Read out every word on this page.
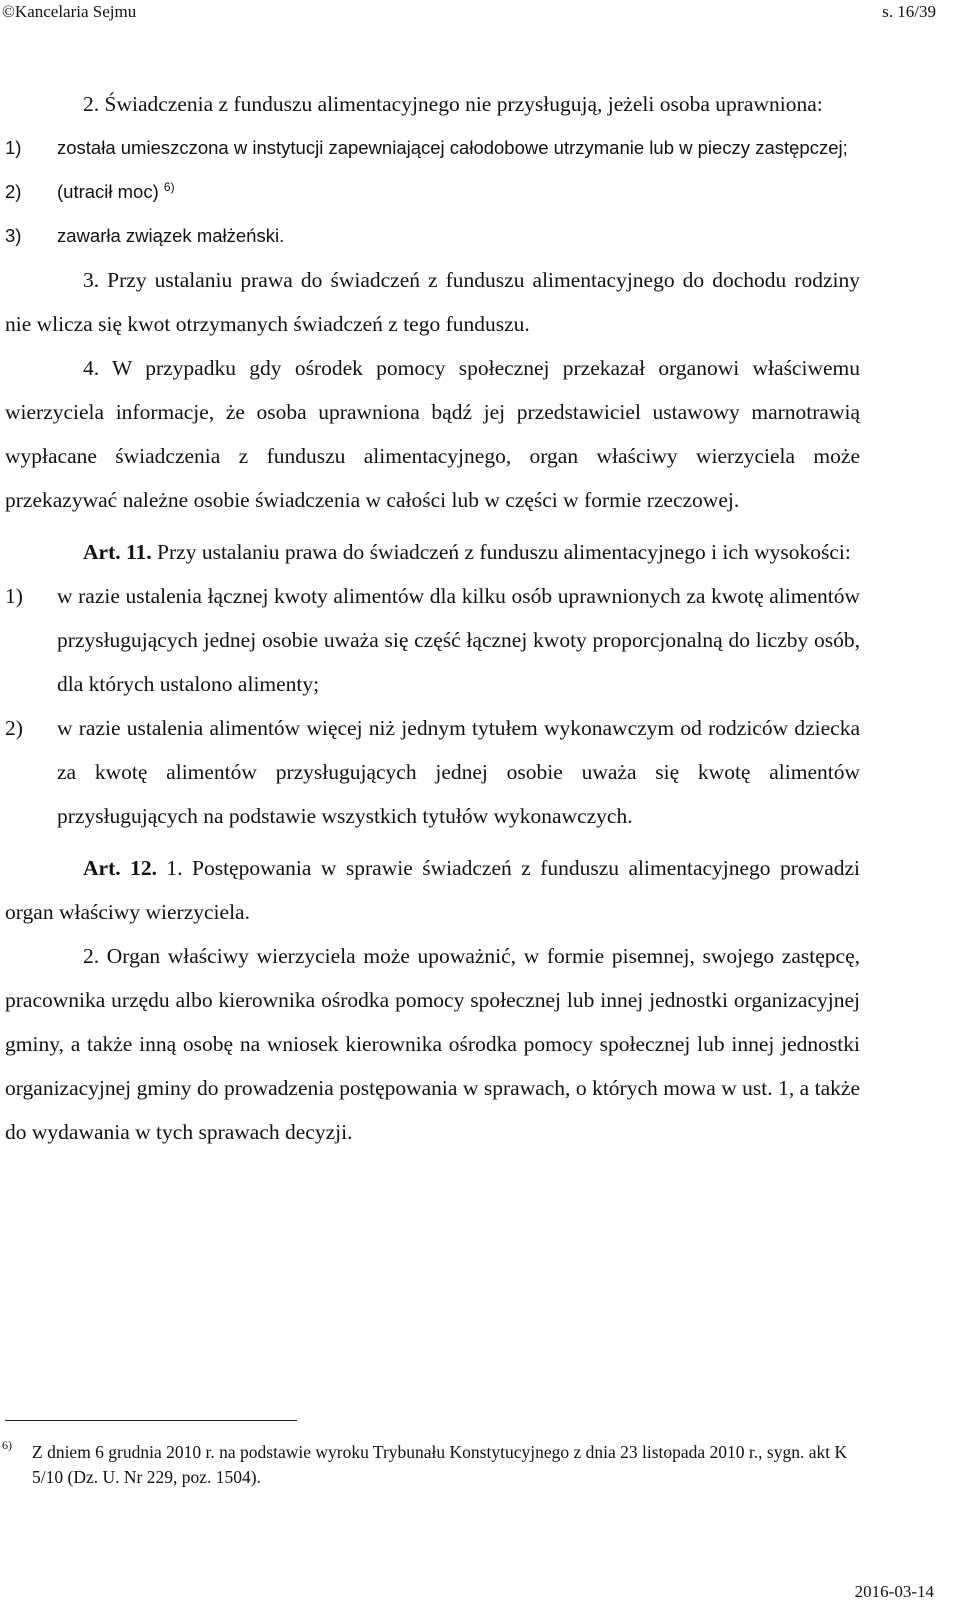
©Kancelaria Sejmu	s. 16/39

2. Świadczenia z funduszu alimentacyjnego nie przysługują, jeżeli osoba uprawniona:

1)	została umieszczona w instytucji zapewniającej całodobowe utrzymanie lub w pieczy zastępczej;
2)	(utracił moc) $^{6)}$
3)	zawarła związek małżeński.

3. Przy ustalaniu prawa do świadczeń z funduszu alimentacyjnego do dochodu rodziny nie wlicza się kwot otrzymanych świadczeń z tego funduszu.

4. W przypadku gdy ośrodek pomocy społecznej przekazał organowi właściwemu wierzyciela informacje, że osoba uprawniona bądź jej przedstawiciel ustawowy marnotrawią wypłacane świadczenia z funduszu alimentacyjnego, organ właściwy wierzyciela może przekazywać należne osobie świadczenia w całości lub w części w formie rzeczowej.

Art. 11. Przy ustalaniu prawa do świadczeń z funduszu alimentacyjnego i ich wysokości:

1)	w razie ustalenia łącznej kwoty alimentów dla kilku osób uprawnionych za kwotę alimentów przysługujących jednej osobie uważa się część łącznej kwoty proporcjonalną do liczby osób, dla których ustalono alimenty;
2)	w razie ustalenia alimentów więcej niż jednym tytułem wykonawczym od rodziców dziecka za kwotę alimentów przysługujących jednej osobie uważa się kwotę alimentów przysługujących na podstawie wszystkich tytułów wykonawczych.

Art. 12. 1. Postępowania w sprawie świadczeń z funduszu alimentacyjnego prowadzi organ właściwy wierzyciela.

2. Organ właściwy wierzyciela może upoważnić, w formie pisemnej, swojego zastępcę, pracownika urzędu albo kierownika ośrodka pomocy społecznej lub innej jednostki organizacyjnej gminy, a także inną osobę na wniosek kierownika ośrodka pomocy społecznej lub innej jednostki organizacyjnej gminy do prowadzenia postępowania w sprawach, o których mowa w ust. 1, a także do wydawania w tych sprawach decyzji.

6) Z dniem 6 grudnia 2010 r. na podstawie wyroku Trybunału Konstytucyjnego z dnia 23 listopada 2010 r., sygn. akt K 5/10 (Dz. U. Nr 229, poz. 1504).
2016-03-14
